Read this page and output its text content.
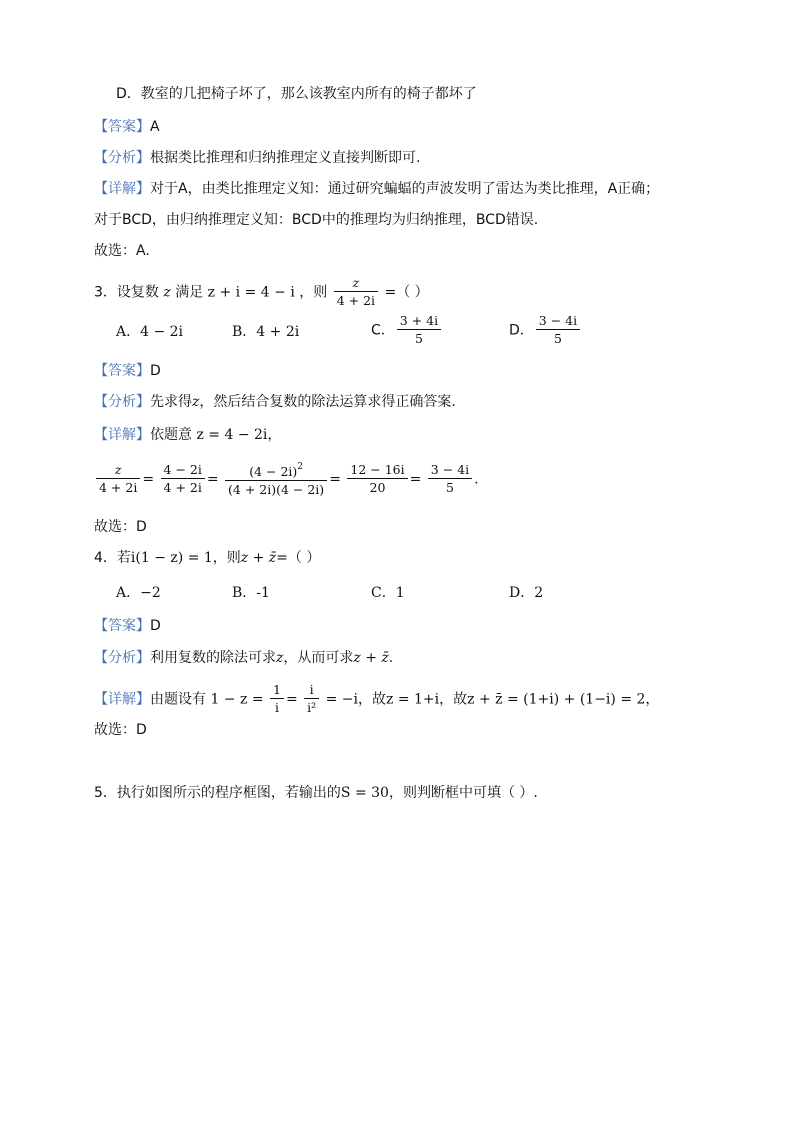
D．教室的几把椅子坏了，那么该教室内所有的椅子都坏了
【答案】A
【分析】根据类比推理和归纳推理定义直接判断即可.
【详解】对于A，由类比推理定义知：通过研究蝙蝠的声波发明了雷达为类比推理，A正确；
对于BCD，由归纳推理定义知：BCD中的推理均为归纳推理，BCD错误.
故选：A.
3．设复数 z 满足 z + i = 4 − i ，则 $\frac{z}{4 + 2i}$ =（ ）
A．4 − 2i	B．4 + 2i	C． $\frac{3 + 4i}{5}$	D． $\frac{3 - 4i}{5}$
【答案】D
【分析】先求得z，然后结合复数的除法运算求得正确答案.
【详解】依题意 z = 4 − 2i，
$\frac{z}{4 + 2i} = \frac{4 - 2i}{4 + 2i} = \frac{(4 - 2i)^2}{(4 + 2i)(4 - 2i)} = \frac{12 - 16i}{20} = \frac{3 - 4i}{5}$ .
故选：D
4．若i(1 − z) = 1，则z + z̄=（ ）
A．−2	B．-1	C．1	D．2
【答案】D
【分析】利用复数的除法可求z，从而可求z + z̄.
【详解】由题设有 $1 - z = \frac{1}{i} = \frac{i}{\text{i²}} = -i$，故z = 1+i，故z + z̄ = (1+i) + (1−i) = 2，
故选：D
5．执行如图所示的程序框图，若输出的S = 30，则判断框中可填（ ）.
